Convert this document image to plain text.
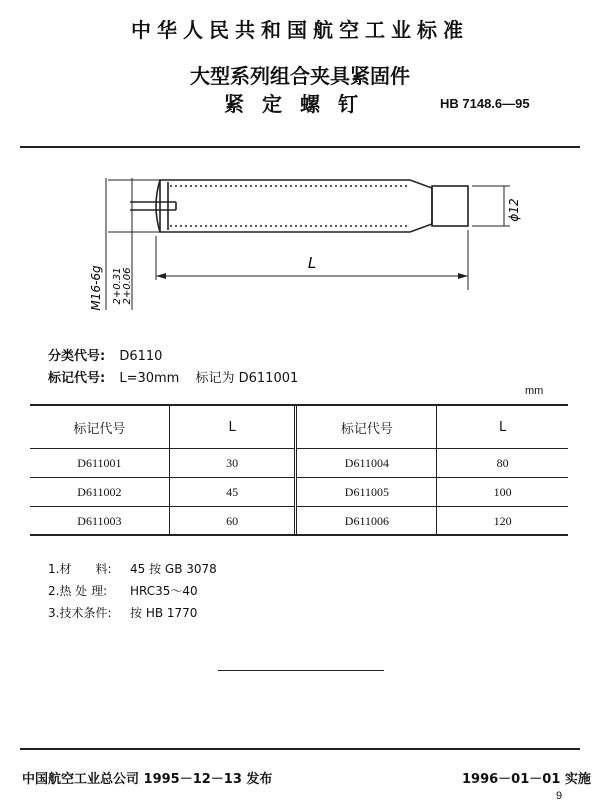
中华人民共和国航空工业标准
大型系列组合夹具紧固件
紧定螺钉	HB 7148.6—95
L
ϕ12
M16-6g 2+0.31 2+0.06
分类代号: D6110
标记代号: L=30mm 标记为 D611001
mm
标记代号	L	标记代号	L
D611001	30	D611004	80
D611002	45	D611005	100
D611003	60	D611006	120
1.材　　料: 45 按 GB 3078
2.热 处 理: HRC35～40
3.技术条件: 按 HB 1770
中国航空工业总公司 1995－12－13 发布	1996－01－01 实施
9
